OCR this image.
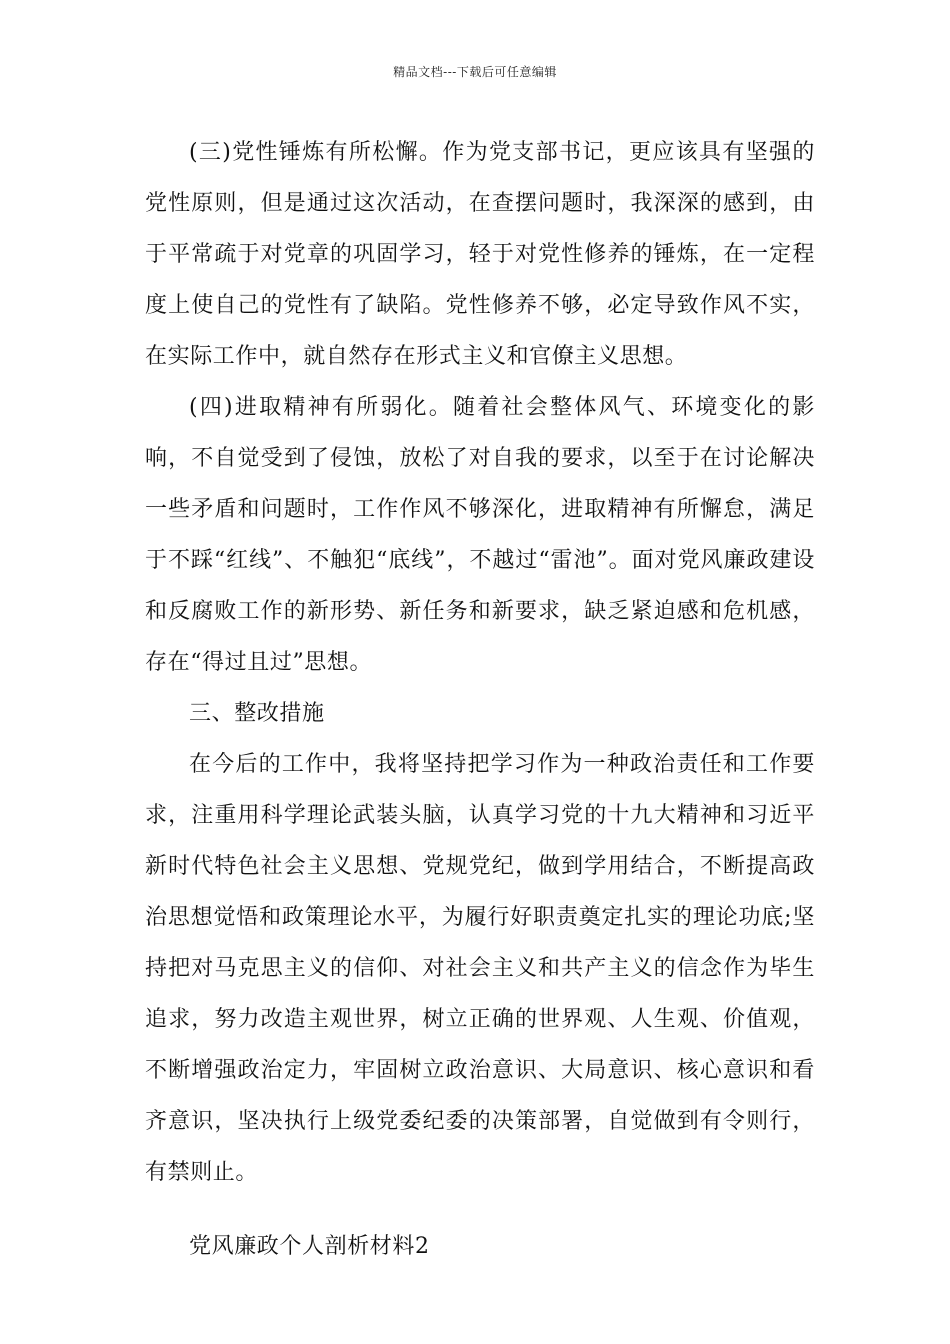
精品文档---下载后可任意编辑

(三)党性锤炼有所松懈。作为党支部书记，更应该具有坚强的党性原则，但是通过这次活动，在查摆问题时，我深深的感到，由于平常疏于对党章的巩固学习，轻于对党性修养的锤炼，在一定程度上使自己的党性有了缺陷。党性修养不够，必定导致作风不实，在实际工作中，就自然存在形式主义和官僚主义思想。

(四)进取精神有所弱化。随着社会整体风气、环境变化的影响，不自觉受到了侵蚀，放松了对自我的要求，以至于在讨论解决一些矛盾和问题时，工作作风不够深化，进取精神有所懈怠，满足于不踩“红线”、不触犯“底线”，不越过“雷池”。面对党风廉政建设和反腐败工作的新形势、新任务和新要求，缺乏紧迫感和危机感，存在“得过且过”思想。

三、整改措施

在今后的工作中，我将坚持把学习作为一种政治责任和工作要求，注重用科学理论武装头脑，认真学习党的十九大精神和习近平新时代特色社会主义思想、党规党纪，做到学用结合，不断提高政治思想觉悟和政策理论水平，为履行好职责奠定扎实的理论功底;坚持把对马克思主义的信仰、对社会主义和共产主义的信念作为毕生追求，努力改造主观世界，树立正确的世界观、人生观、价值观，不断增强政治定力，牢固树立政治意识、大局意识、核心意识和看齐意识，坚决执行上级党委纪委的决策部署，自觉做到有令则行，有禁则止。

党风廉政个人剖析材料2
